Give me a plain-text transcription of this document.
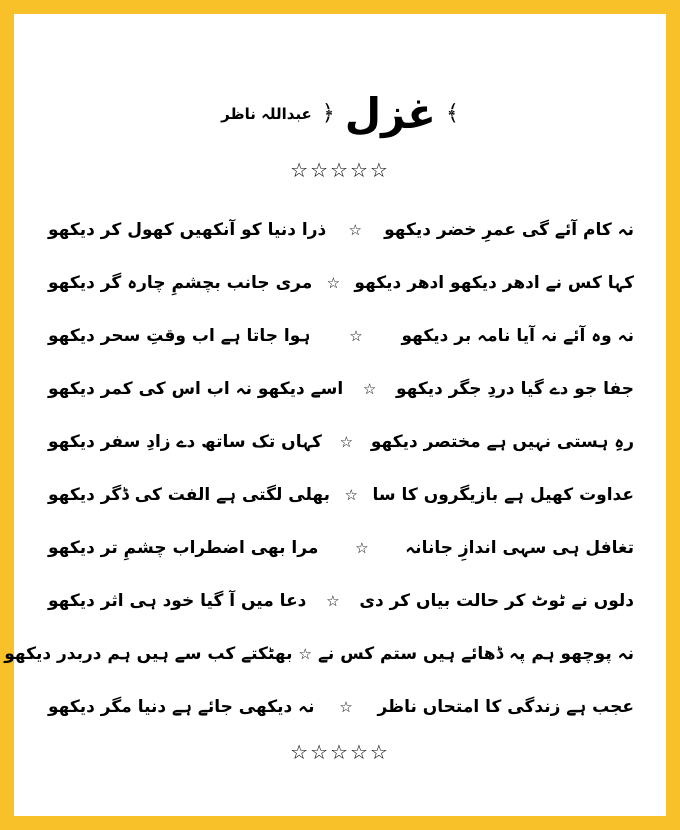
﴾
غزل
﴿
عبداللہ ناظر
☆☆☆☆☆
نہ کام آئے گی عمرِ خضر دیکھو
☆
ذرا دنیا کو آنکھیں کھول کر دیکھو
کہا کس نے ادھر دیکھو ادھر دیکھو
☆
مری جانب بچشمِ چارہ گر دیکھو
نہ وہ آئے نہ آیا نامہ بر دیکھو
☆
ہوا جاتا ہے اب وقتِ سحر دیکھو
جفا جو دے گیا دردِ جگر دیکھو
☆
اسے دیکھو نہ اب اس کی کمر دیکھو
رہِ ہستی نہیں ہے مختصر دیکھو
☆
کہاں تک ساتھ دے زادِ سفر دیکھو
عداوت کھیل ہے بازیگروں کا سا
☆
بھلی لگتی ہے الفت کی ڈگر دیکھو
تغافل ہی سہی اندازِ جانانہ
☆
مرا بھی اضطراب چشمِ تر دیکھو
دلوں نے ٹوٹ کر حالت بیاں کر دی
☆
دعا میں آ گیا خود ہی اثر دیکھو
نہ پوچھو ہم پہ ڈھائے ہیں ستم کس نے
☆
بھٹکتے کب سے ہیں ہم دربدر دیکھو
عجب ہے زندگی کا امتحاں ناظر
☆
نہ دیکھی جائے ہے دنیا مگر دیکھو
☆☆☆☆☆
